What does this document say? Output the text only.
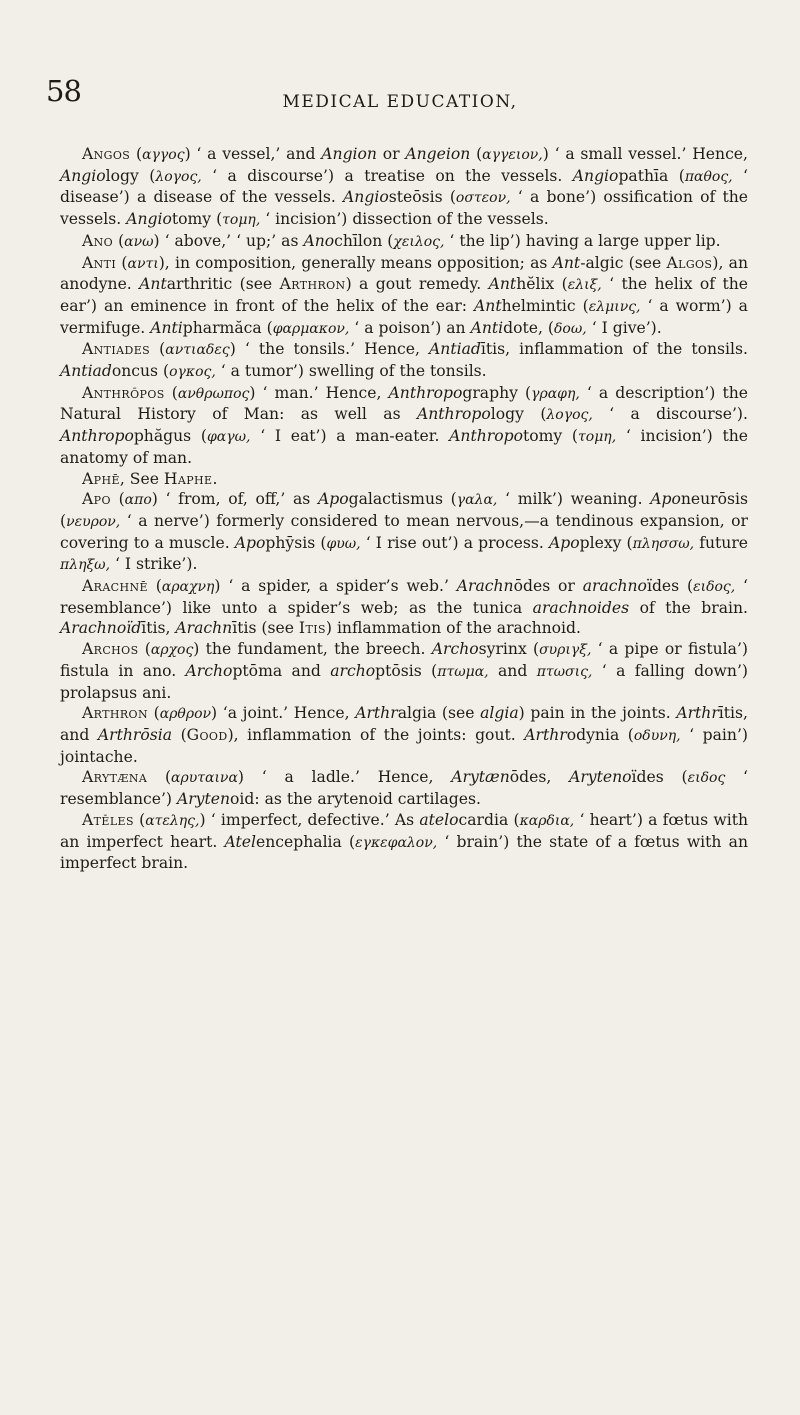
58	MEDICAL EDUCATION,

Angos (αγγος) ‘ a vessel,’ and Angion or Angeion (αγγειον,) ‘ a small vessel.’ Hence, Angiology (λογος, ‘ a discourse’) a treatise on the vessels. Angiopathīa (παθος, ‘ disease’) a disease of the vessels. Angiosteōsis (οστεον, ‘ a bone’) ossification of the vessels. Angiotomy (τομη, ‘ incision’) dissection of the vessels.

Ano (ανω) ‘ above,’ ‘ up;’ as Anochīlon (χειλος, ‘ the lip’) having a large upper lip.

Anti (αντι), in composition, generally means opposition; as Ant-algic (see Algos), an anodyne. Antarthritic (see Arthron) a gout remedy. Anthĕlix (ελιξ, ‘ the helix of the ear’) an eminence in front of the helix of the ear: Anthelmintic (ελμινς, ‘ a worm’) a vermifuge. Antipharmăca (φαρμακον, ‘ a poison’) an Antidote, (δοω, ‘ I give’).

Antiades (αντιαδες) ‘ the tonsils.’ Hence, Antiadītis, inflammation of the tonsils. Antiadoncus (ογκος, ‘ a tumor’) swelling of the tonsils.

Anthrōpos (ανθρωπος) ‘ man.’ Hence, Anthropography (γραφη, ‘ a description’) the Natural History of Man: as well as Anthropology (λογος, ‘ a discourse’). Anthropophăgus (φαγω, ‘ I eat’) a man-eater. Anthropotomy (τομη, ‘ incision’) the anatomy of man.

Aphē, See Haphe.

Apo (απο) ‘ from, of, off,’ as Apogalactismus (γαλα, ‘ milk’) weaning. Aponeurōsis (νευρον, ‘ a nerve’) formerly considered to mean nervous,—a tendinous expansion, or covering to a muscle. Apophȳsis (φυω, ‘ I rise out’) a process. Apoplexy (πλησσω, future πληξω, ‘ I strike’).

Arachnē (αραχνη) ‘ a spider, a spider’s web.’ Arachnōdes or arachnoïdes (ειδος, ‘ resemblance’) like unto a spider’s web; as the tunica arachnoides of the brain. Arachnoïdītis, Arachnītis (see Itis) inflammation of the arachnoid.

Archos (αρχος) the fundament, the breech. Archosyrinx (συριγξ, ‘ a pipe or fistula’) fistula in ano. Archoptōma and archoptōsis (πτωμα, and πτωσις, ‘ a falling down’) prolapsus ani.

Arthron (αρθρον) ‘a joint.’ Hence, Arthralgia (see algia) pain in the joints. Arthrītis, and Arthrōsia (Good), inflammation of the joints: gout. Arthrodynia (οδυνη, ‘ pain’) jointache.

Arytæna (αρυταινα) ‘ a ladle.’ Hence, Arytænōdes, Arytenoïdes (ειδος ‘ resemblance’) Arytenoid: as the arytenoid cartilages.

Atĕles (ατελης,) ‘ imperfect, defective.’ As atelocardia (καρδια, ‘ heart’) a fœtus with an imperfect heart. Atelencephalia (εγκεφαλον, ‘ brain’) the state of a fœtus with an imperfect brain.
